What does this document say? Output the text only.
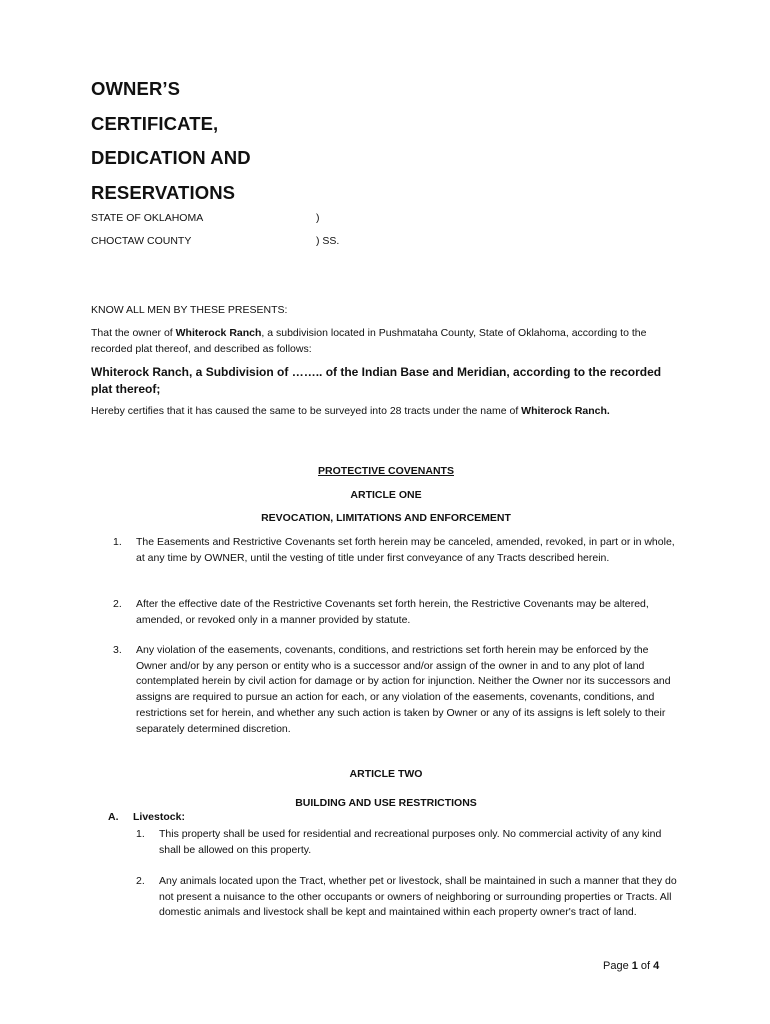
OWNER’S
CERTIFICATE,
DEDICATION AND
RESERVATIONS
STATE OF OKLAHOMA	)
CHOCTAW COUNTY	) SS.
KNOW ALL MEN BY THESE PRESENTS:
That the owner of Whiterock Ranch, a subdivision located in Pushmataha County, State of Oklahoma, according to the recorded plat thereof, and described as follows:
Whiterock Ranch, a Subdivision of …….. of the Indian Base and Meridian, according to the recorded plat thereof;
Hereby certifies that it has caused the same to be surveyed into 28 tracts under the name of Whiterock Ranch.
PROTECTIVE COVENANTS
ARTICLE ONE
REVOCATION, LIMITATIONS AND ENFORCEMENT
1. The Easements and Restrictive Covenants set forth herein may be canceled, amended, revoked, in part or in whole, at any time by OWNER, until the vesting of title under first conveyance of any Tracts described herein.
2. After the effective date of the Restrictive Covenants set forth herein, the Restrictive Covenants may be altered, amended, or revoked only in a manner provided by statute.
3. Any violation of the easements, covenants, conditions, and restrictions set forth herein may be enforced by the Owner and/or by any person or entity who is a successor and/or assign of the owner in and to any plot of land contemplated herein by civil action for damage or by action for injunction. Neither the Owner nor its successors and assigns are required to pursue an action for each, or any violation of the easements, covenants, conditions, and restrictions set for herein, and whether any such action is taken by Owner or any of its assigns is left solely to their separately determined discretion.
ARTICLE TWO
BUILDING AND USE RESTRICTIONS
A. Livestock:
1. This property shall be used for residential and recreational purposes only. No commercial activity of any kind shall be allowed on this property.
2. Any animals located upon the Tract, whether pet or livestock, shall be maintained in such a manner that they do not present a nuisance to the other occupants or owners of neighboring or surrounding properties or Tracts. All domestic animals and livestock shall be kept and maintained within each property owner's tract of land.
Page 1 of 4
